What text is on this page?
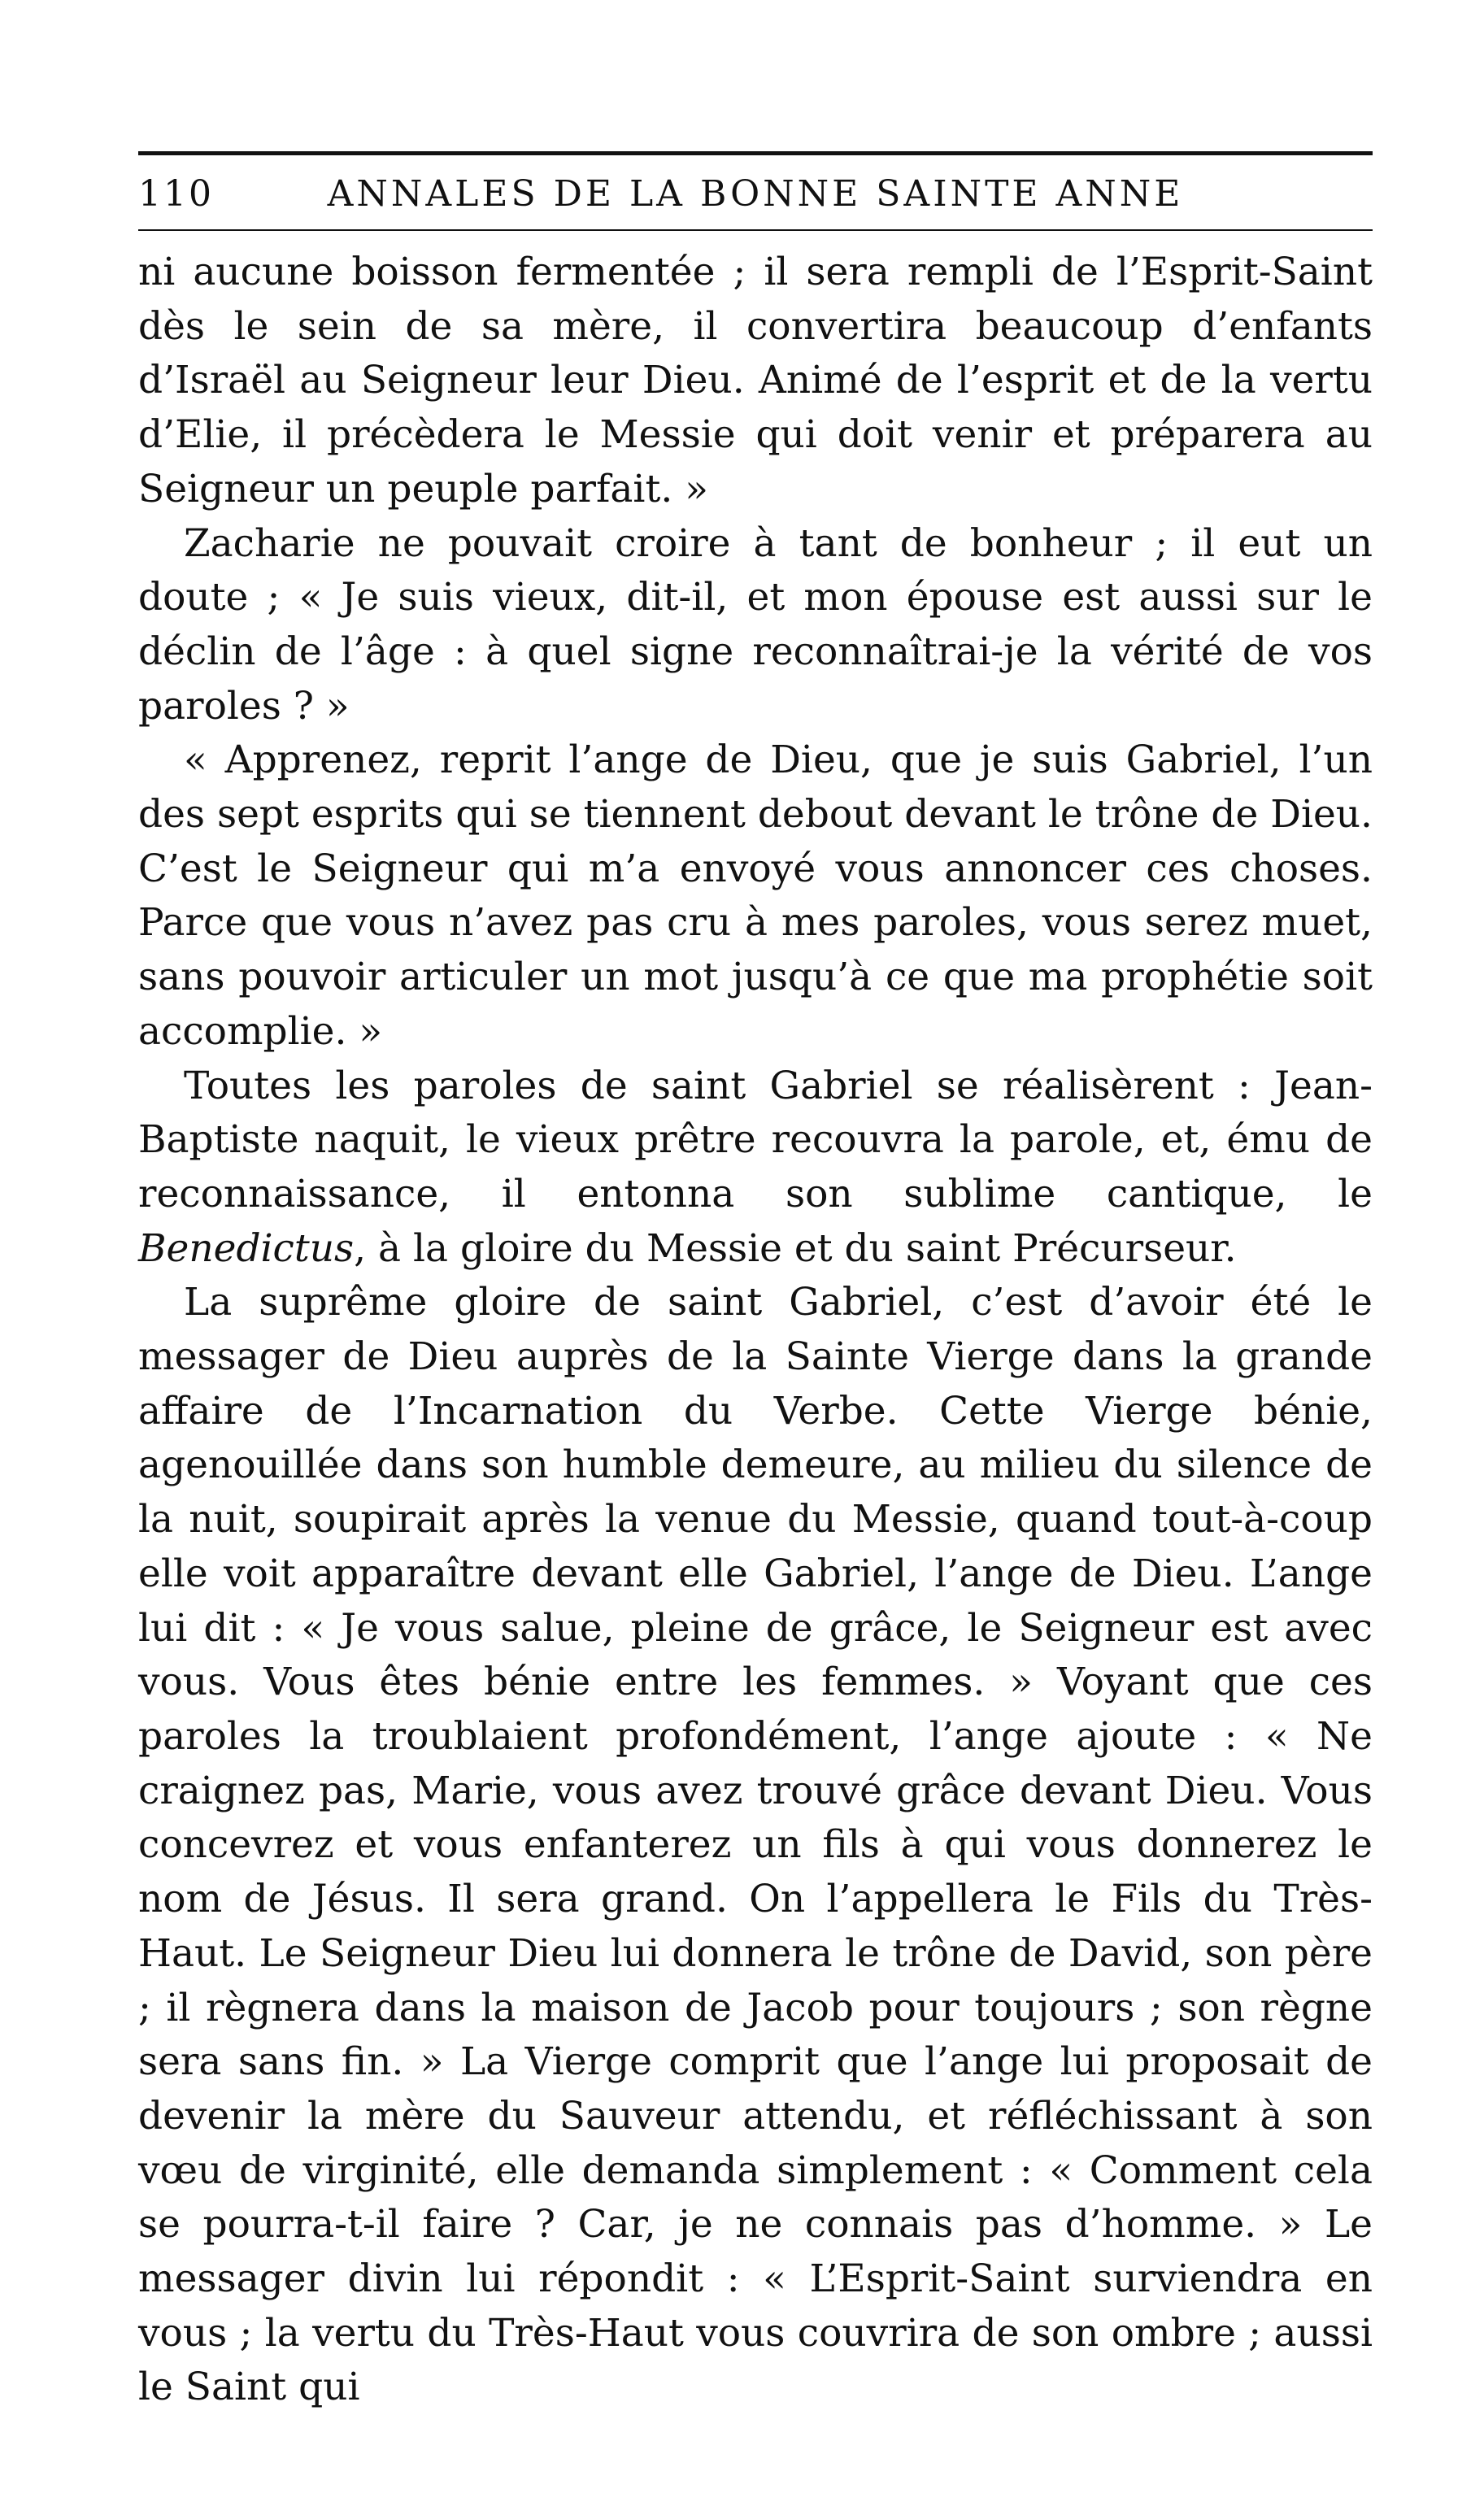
110	ANNALES DE LA BONNE SAINTE ANNE

ni aucune boisson fermentée ; il sera rempli de l’Esprit-Saint dès le sein de sa mère, il convertira beaucoup d’enfants d’Israël au Seigneur leur Dieu. Animé de l’esprit et de la vertu d’Elie, il précèdera le Messie qui doit venir et préparera au Seigneur un peuple parfait. »

Zacharie ne pouvait croire à tant de bonheur ; il eut un doute ; « Je suis vieux, dit-il, et mon épouse est aussi sur le déclin de l’âge : à quel signe reconnaîtrai-je la vérité de vos paroles ? »

« Apprenez, reprit l’ange de Dieu, que je suis Gabriel, l’un des sept esprits qui se tiennent debout devant le trône de Dieu. C’est le Seigneur qui m’a envoyé vous annoncer ces choses. Parce que vous n’avez pas cru à mes paroles, vous serez muet, sans pouvoir articuler un mot jusqu’à ce que ma prophétie soit accomplie. »

Toutes les paroles de saint Gabriel se réalisèrent : Jean-Baptiste naquit, le vieux prêtre recouvra la parole, et, ému de reconnaissance, il entonna son sublime cantique, le Benedictus, à la gloire du Messie et du saint Précurseur.

La suprême gloire de saint Gabriel, c’est d’avoir été le messager de Dieu auprès de la Sainte Vierge dans la grande affaire de l’Incarnation du Verbe. Cette Vierge bénie, agenouillée dans son humble demeure, au milieu du silence de la nuit, soupirait après la venue du Messie, quand tout-à-coup elle voit apparaître devant elle Gabriel, l’ange de Dieu. L’ange lui dit : « Je vous salue, pleine de grâce, le Seigneur est avec vous. Vous êtes bénie entre les femmes. » Voyant que ces paroles la troublaient profondément, l’ange ajoute : « Ne craignez pas, Marie, vous avez trouvé grâce devant Dieu. Vous concevrez et vous enfanterez un fils à qui vous donnerez le nom de Jésus. Il sera grand. On l’appellera le Fils du Très-Haut. Le Seigneur Dieu lui donnera le trône de David, son père ; il règnera dans la maison de Jacob pour toujours ; son règne sera sans fin. » La Vierge comprit que l’ange lui proposait de devenir la mère du Sauveur attendu, et réfléchissant à son vœu de virginité, elle demanda simplement : « Comment cela se pourra-t-il faire ? Car, je ne connais pas d’homme. » Le messager divin lui répondit : « L’Esprit-Saint surviendra en vous ; la vertu du Très-Haut vous couvrira de son ombre ; aussi le Saint qui
